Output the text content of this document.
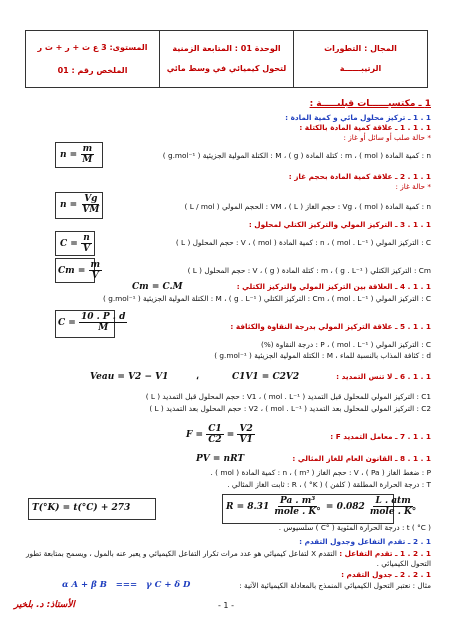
المستوى: 3 ع ت + ر + ت ر
الملخص رقم : 01
الوحدة 01 : المتابعة الزمنية لتحول كيميائي في وسط مائي
المجال : التطورات الرتيبــــــة
1 ـ مكتسبــــــات قبليـــــة :
1 . 1 ـ تركيز محلول مائي و كمية المادة :
1 . 1 . 1 ـ علاقة كمية المادة بالكتلة :
* حالة صلب أو سائل أو غاز :
$n = \frac{m}{M}$	n : كمية المادة ( mol ) ، m : كتلة المادة ( g ) ، M : الكتلة المولية الجزيئية ( g.mol⁻¹ )
1 . 1 . 2 ـ علاقة كمية المادة بحجم غاز :
* حالة غاز :
$n = \frac{Vg}{VM}$	n : كمية المادة ( mol ) ، Vg : حجم الغاز ( L ) ، VM : الحجم المولي ( L / mol )
1 . 1 . 3 ـ التركيز المولي والتركيز الكتلي لمحلول :
$C = \frac{n}{V}$	C : التركيز المولي ( mol . L⁻¹ ) ، n : كمية المادة ( mol ) ، V : حجم المحلول ( L )
$Cm = \frac{m}{V}$	Cm : التركيز الكتلي ( g . L⁻¹ ) ، m : كتلة المادة ( g ) ، V : حجم المحلول ( L )
1 . 1 . 4 ـ العلاقة بين التركيز المولي والتركيز الكتلي :
Cm = C.M
C : التركيز المولي ( mol . L⁻¹ ) ، Cm : التركيز الكتلي ( g . L⁻¹ ) ، M : الكتلة المولية الجزيئية ( g.mol⁻¹ )
1 . 1 . 5 ـ علاقة التركيز المولي بدرجة النقاوة والكثافة :
$C = \frac{10 . P . d}{M}$
C : التركيز المولي ( mol . L⁻¹ ) ، P : درجة النقاوة (%)
d : كثافة المذاب بالنسبة للماء ، M : الكتلة المولية الجزيئية ( g.mol⁻¹ )
1 . 1 . 6 ـ لا تنس التمديد :
Veau = V2 − V1	،	C1V1 = C2V2
C1 : التركيز المولي للمحلول قبل التمديد ( mol . L⁻¹ ) ، V1 : حجم المحلول قبل التمديد ( L )
C2 : التركيز المولي للمحلول بعد التمديد ( mol . L⁻¹ ) ، V2 : حجم المحلول بعد التمديد ( L )
1 . 1 . 7 ـ معامل التمديد F :
$F = \frac{C1}{C2} = \frac{V2}{V1}$
1 . 1 . 8 ـ القانون العام للغاز المثالي :
PV = nRT
P : ضغط الغاز ( Pa ) ، V : حجم الغاز ( m³ ) ، n : كمية المادة ( mol ) .
T : درجة الحرارة المطلقة ( كلفن ) ( K° ) ، R : ثابت الغاز المثالي .
T(°K) = t(°C) + 273	$R = 8.31 \frac{\text{Pa . m³}}{\text{mole . K°}} = 0.082 \frac{\text{L . atm}}{\text{mole . K°}}$
t ( °C ) : درجة الحرارة المئوية ( °C ) سلسيوس .
1 . 2 ـ تقدم التفاعل وجدول التقدم :
1 . 2 . 1 ـ تقدم التفاعل : التقدم X لتفاعل كيميائي هو عدد مرات تكرار التفاعل الكيميائي و يعبر عنه بالمول ، ويسمح بمتابعة تطور
التحول الكيميائي .
1 . 2 . 2 ـ جدول التقدم :
مثال : نعتبر التحول الكيميائي المنمذج بالمعادلة الكيميائية الآتية :
α A + β B   ===   γ C + δ D
- 1 -
الأستاذ: د. بلخير
